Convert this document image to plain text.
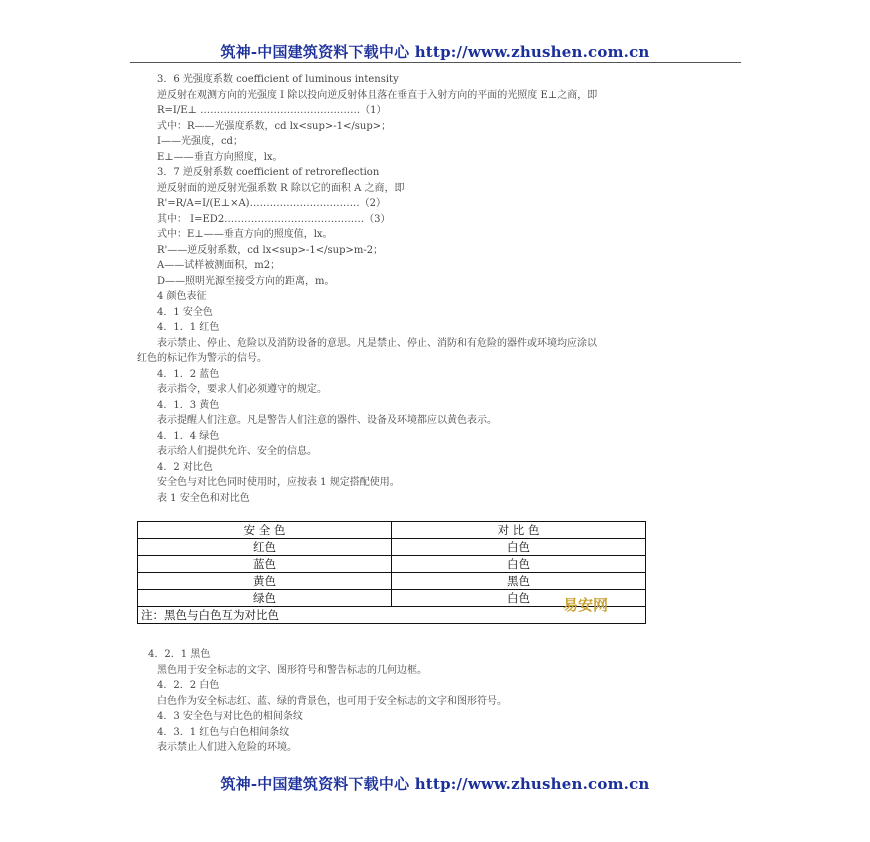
筑神-中国建筑资料下载中心 http://www.zhushen.com.cn
3．6 光强度系数 coefficient of luminous intensity
逆反射在观测方向的光强度 I 除以投向逆反射体且落在垂直于入射方向的平面的光照度 E⊥之商，即
R=I/E⊥ …………………………………………（1）
式中：R——光强度系数，cd lx<sup>-1</sup>；
I——光强度，cd；
E⊥——垂直方向照度，lx。
3．7 逆反射系数 coefficient of retroreflection
逆反射面的逆反射光强系数 R 除以它的面积 A 之商，即
R'=R/A=I/(E⊥×A)……………………………（2）
其中： I=ED2……………………………………（3）
式中：E⊥——垂直方向的照度值，lx。
R'——逆反射系数，cd lx<sup>-1</sup>m-2；
A——试样被测面积，m2；
D——照明光源至接受方向的距离，m。
4 颜色表征
4．1 安全色
4．1．1 红色
表示禁止、停止、危险以及消防设备的意思。凡是禁止、停止、消防和有危险的器件或环境均应涂以
红色的标记作为警示的信号。
4．1．2 蓝色
表示指令，要求人们必须遵守的规定。
4．1．3 黄色
表示提醒人们注意。凡是警告人们注意的器件、设备及环境都应以黄色表示。
4．1．4 绿色
表示给人们提供允许、安全的信息。
4．2 对比色
安全色与对比色同时使用时，应按表 1 规定搭配使用。
表 1 安全色和对比色
安 全 色	对 比 色
红色	白色
蓝色	白色
黄色	黑色
绿色	白色
注：黑色与白色互为对比色	
易安网
4．2．1 黑色
黑色用于安全标志的文字、图形符号和警告标志的几何边框。
4．2．2 白色
白色作为安全标志红、蓝、绿的背景色，也可用于安全标志的文字和图形符号。
4．3 安全色与对比色的相间条纹
4．3．1 红色与白色相间条纹
表示禁止人们进入危险的环境。
筑神-中国建筑资料下载中心 http://www.zhushen.com.cn
